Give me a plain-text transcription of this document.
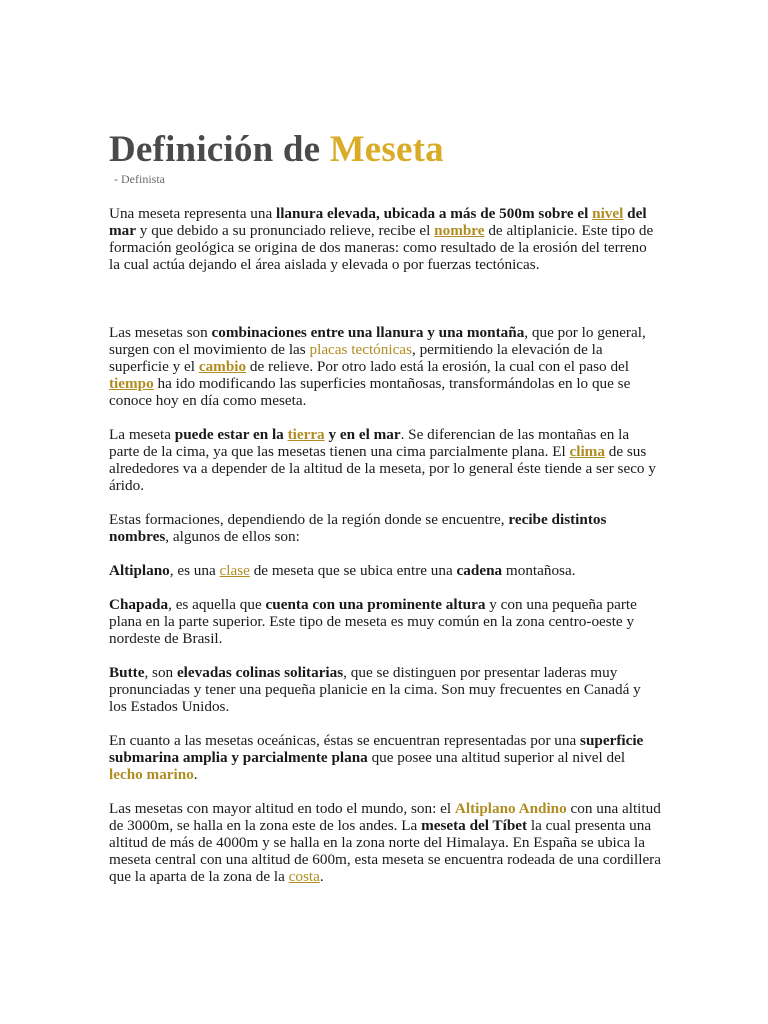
Definición de Meseta
- Definista

Una meseta representa una llanura elevada, ubicada a más de 500m sobre el nivel del mar y que debido a su pronunciado relieve, recibe el nombre de altiplanicie. Este tipo de formación geológica se origina de dos maneras: como resultado de la erosión del terreno la cual actúa dejando el área aislada y elevada o por fuerzas tectónicas.

Las mesetas son combinaciones entre una llanura y una montaña, que por lo general, surgen con el movimiento de las placas tectónicas, permitiendo la elevación de la superficie y el cambio de relieve. Por otro lado está la erosión, la cual con el paso del tiempo ha ido modificando las superficies montañosas, transformándolas en lo que se conoce hoy en día como meseta.

La meseta puede estar en la tierra y en el mar. Se diferencian de las montañas en la parte de la cima, ya que las mesetas tienen una cima parcialmente plana. El clima de sus alrededores va a depender de la altitud de la meseta, por lo general éste tiende a ser seco y árido.

Estas formaciones, dependiendo de la región donde se encuentre, recibe distintos nombres, algunos de ellos son:

Altiplano, es una clase de meseta que se ubica entre una cadena montañosa.

Chapada, es aquella que cuenta con una prominente altura y con una pequeña parte plana en la parte superior. Este tipo de meseta es muy común en la zona centro-oeste y nordeste de Brasil.

Butte, son elevadas colinas solitarias, que se distinguen por presentar laderas muy pronunciadas y tener una pequeña planicie en la cima. Son muy frecuentes en Canadá y los Estados Unidos.

En cuanto a las mesetas oceánicas, éstas se encuentran representadas por una superficie submarina amplia y parcialmente plana que posee una altitud superior al nivel del lecho marino.

Las mesetas con mayor altitud en todo el mundo, son: el Altiplano Andino con una altitud de 3000m, se halla en la zona este de los andes. La meseta del Tíbet la cual presenta una altitud de más de 4000m y se halla en la zona norte del Himalaya. En España se ubica la meseta central con una altitud de 600m, esta meseta se encuentra rodeada de una cordillera que la aparta de la zona de la costa.
